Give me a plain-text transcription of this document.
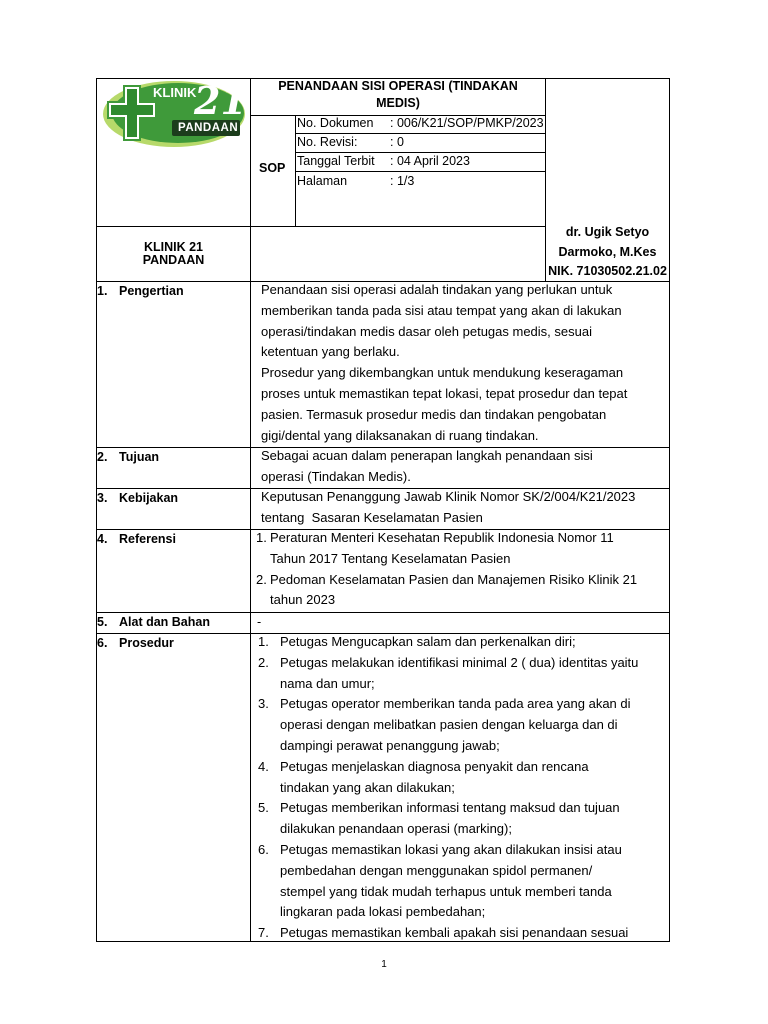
KLINIK
21
PANDAAN
PENANDAAN SISI OPERASI (TINDAKAN
MEDIS)
SOP
No. Dokumen : 006/K21/SOP/PMKP/2023
No. Revisi:	: 0
Tanggal Terbit : 04 April 2023
Halaman	: 1/3
KLINIK 21
PANDAAN
dr. Ugik Setyo
Darmoko, M.Kes
NIK. 71030502.21.02
1. Pengertian
2. Tujuan
3. Kebijakan
4. Referensi
5. Alat dan Bahan
6. Prosedur
Penandaan sisi operasi adalah tindakan yang perlukan untuk
memberikan tanda pada sisi atau tempat yang akan di lakukan
operasi/tindakan medis dasar oleh petugas medis, sesuai
ketentuan yang berlaku.
Prosedur yang dikembangkan untuk mendukung keseragaman
proses untuk memastikan tepat lokasi, tepat prosedur dan tepat
pasien. Termasuk prosedur medis dan tindakan pengobatan
gigi/dental yang dilaksanakan di ruang tindakan.
Sebagai acuan dalam penerapan langkah penandaan sisi
operasi (Tindakan Medis).
Keputusan Penanggung Jawab Klinik Nomor SK/2/004/K21/2023
tentang  Sasaran Keselamatan Pasien
1. Peraturan Menteri Kesehatan Republik Indonesia Nomor 11
Tahun 2017 Tentang Keselamatan Pasien
2. Pedoman Keselamatan Pasien dan Manajemen Risiko Klinik 21
tahun 2023
-
1. Petugas Mengucapkan salam dan perkenalkan diri;
2. Petugas melakukan identifikasi minimal 2 ( dua) identitas yaitu
nama dan umur;
3. Petugas operator memberikan tanda pada area yang akan di
operasi dengan melibatkan pasien dengan keluarga dan di
dampingi perawat penanggung jawab;
4. Petugas menjelaskan diagnosa penyakit dan rencana
tindakan yang akan dilakukan;
5. Petugas memberikan informasi tentang maksud dan tujuan
dilakukan penandaan operasi (marking);
6. Petugas memastikan lokasi yang akan dilakukan insisi atau
pembedahan dengan menggunakan spidol permanen/
stempel yang tidak mudah terhapus untuk memberi tanda
lingkaran pada lokasi pembedahan;
7. Petugas memastikan kembali apakah sisi penandaan sesuai
1
